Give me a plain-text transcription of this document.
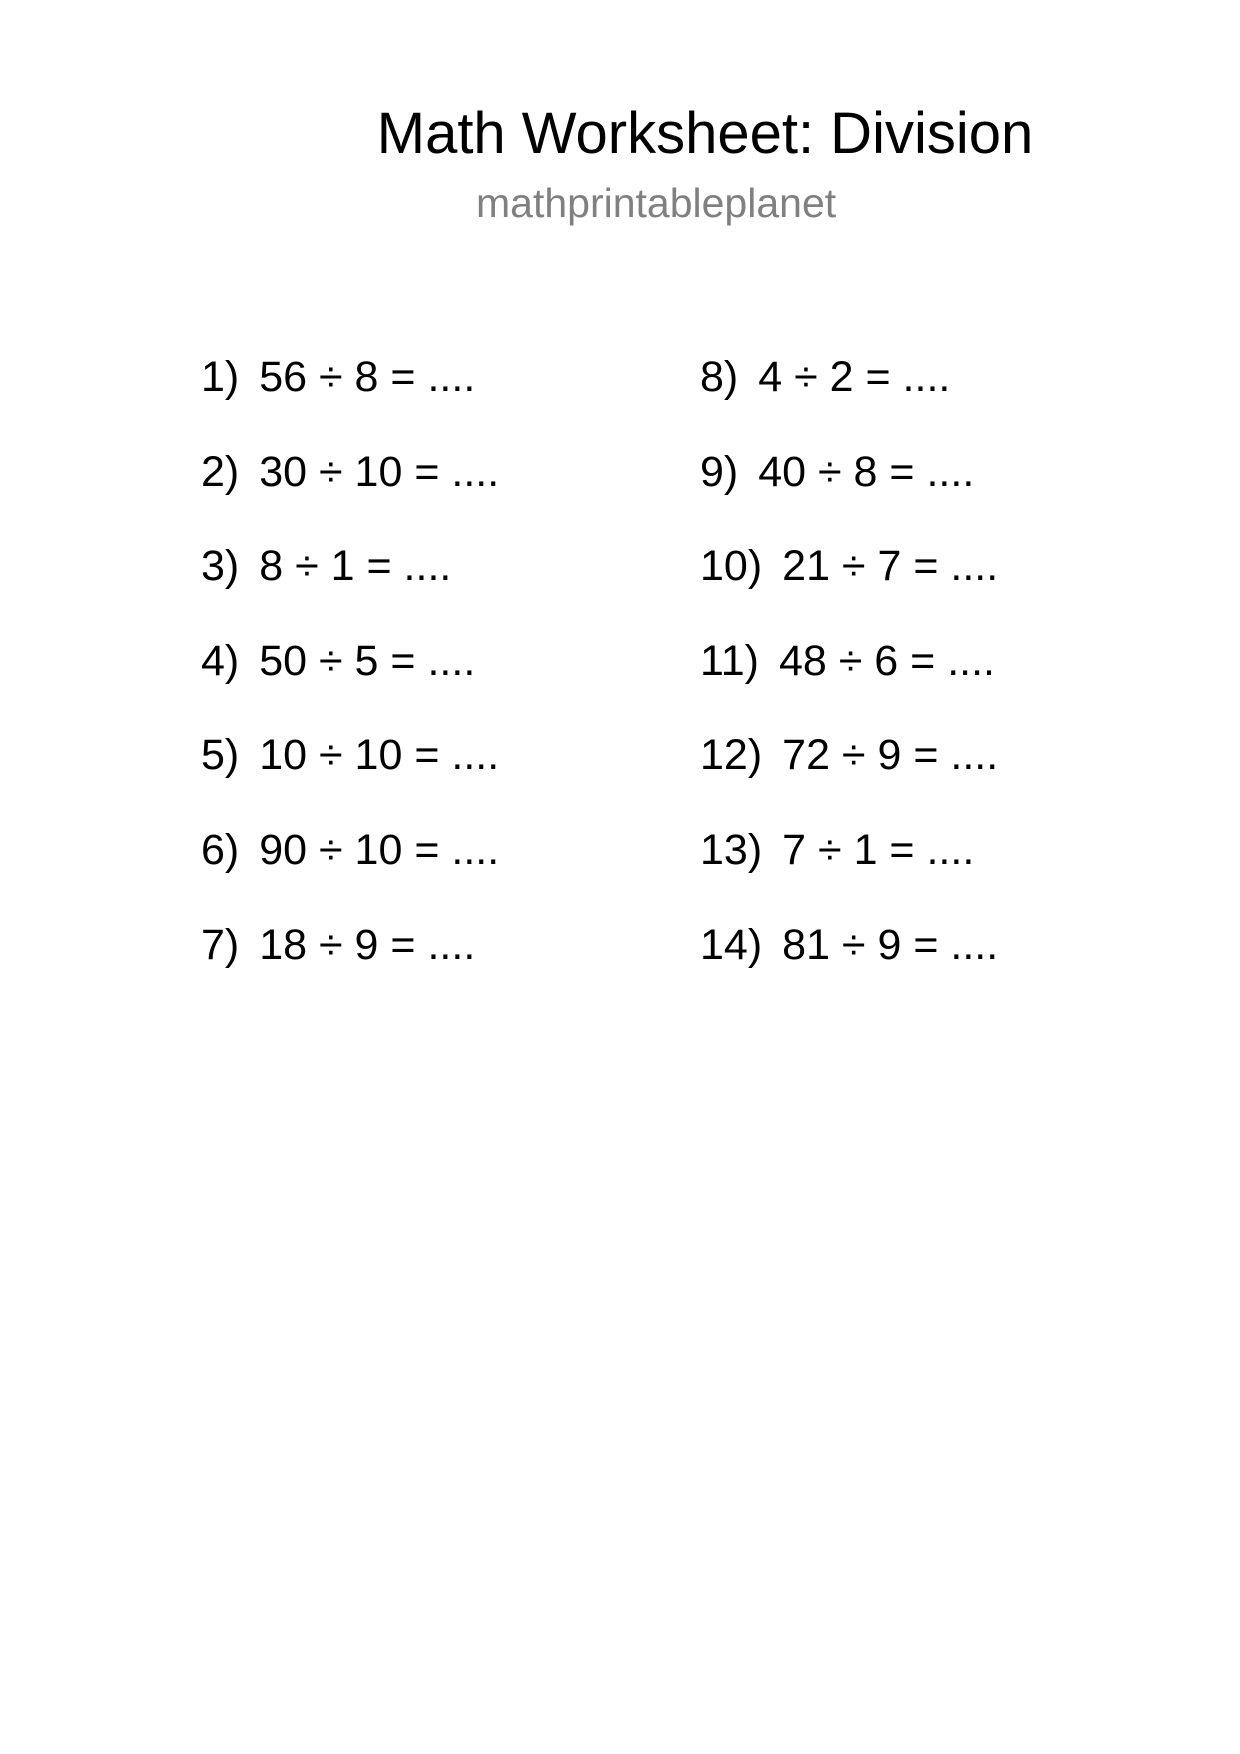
Math Worksheet: Division
mathprintableplanet
1) 56 ÷ 8 = ....
2) 30 ÷ 10 = ....
3) 8 ÷ 1 = ....
4) 50 ÷ 5 = ....
5) 10 ÷ 10 = ....
6) 90 ÷ 10 = ....
7) 18 ÷ 9 = ....
8) 4 ÷ 2 = ....
9) 40 ÷ 8 = ....
10) 21 ÷ 7 = ....
11) 48 ÷ 6 = ....
12) 72 ÷ 9 = ....
13) 7 ÷ 1 = ....
14) 81 ÷ 9 = ....
